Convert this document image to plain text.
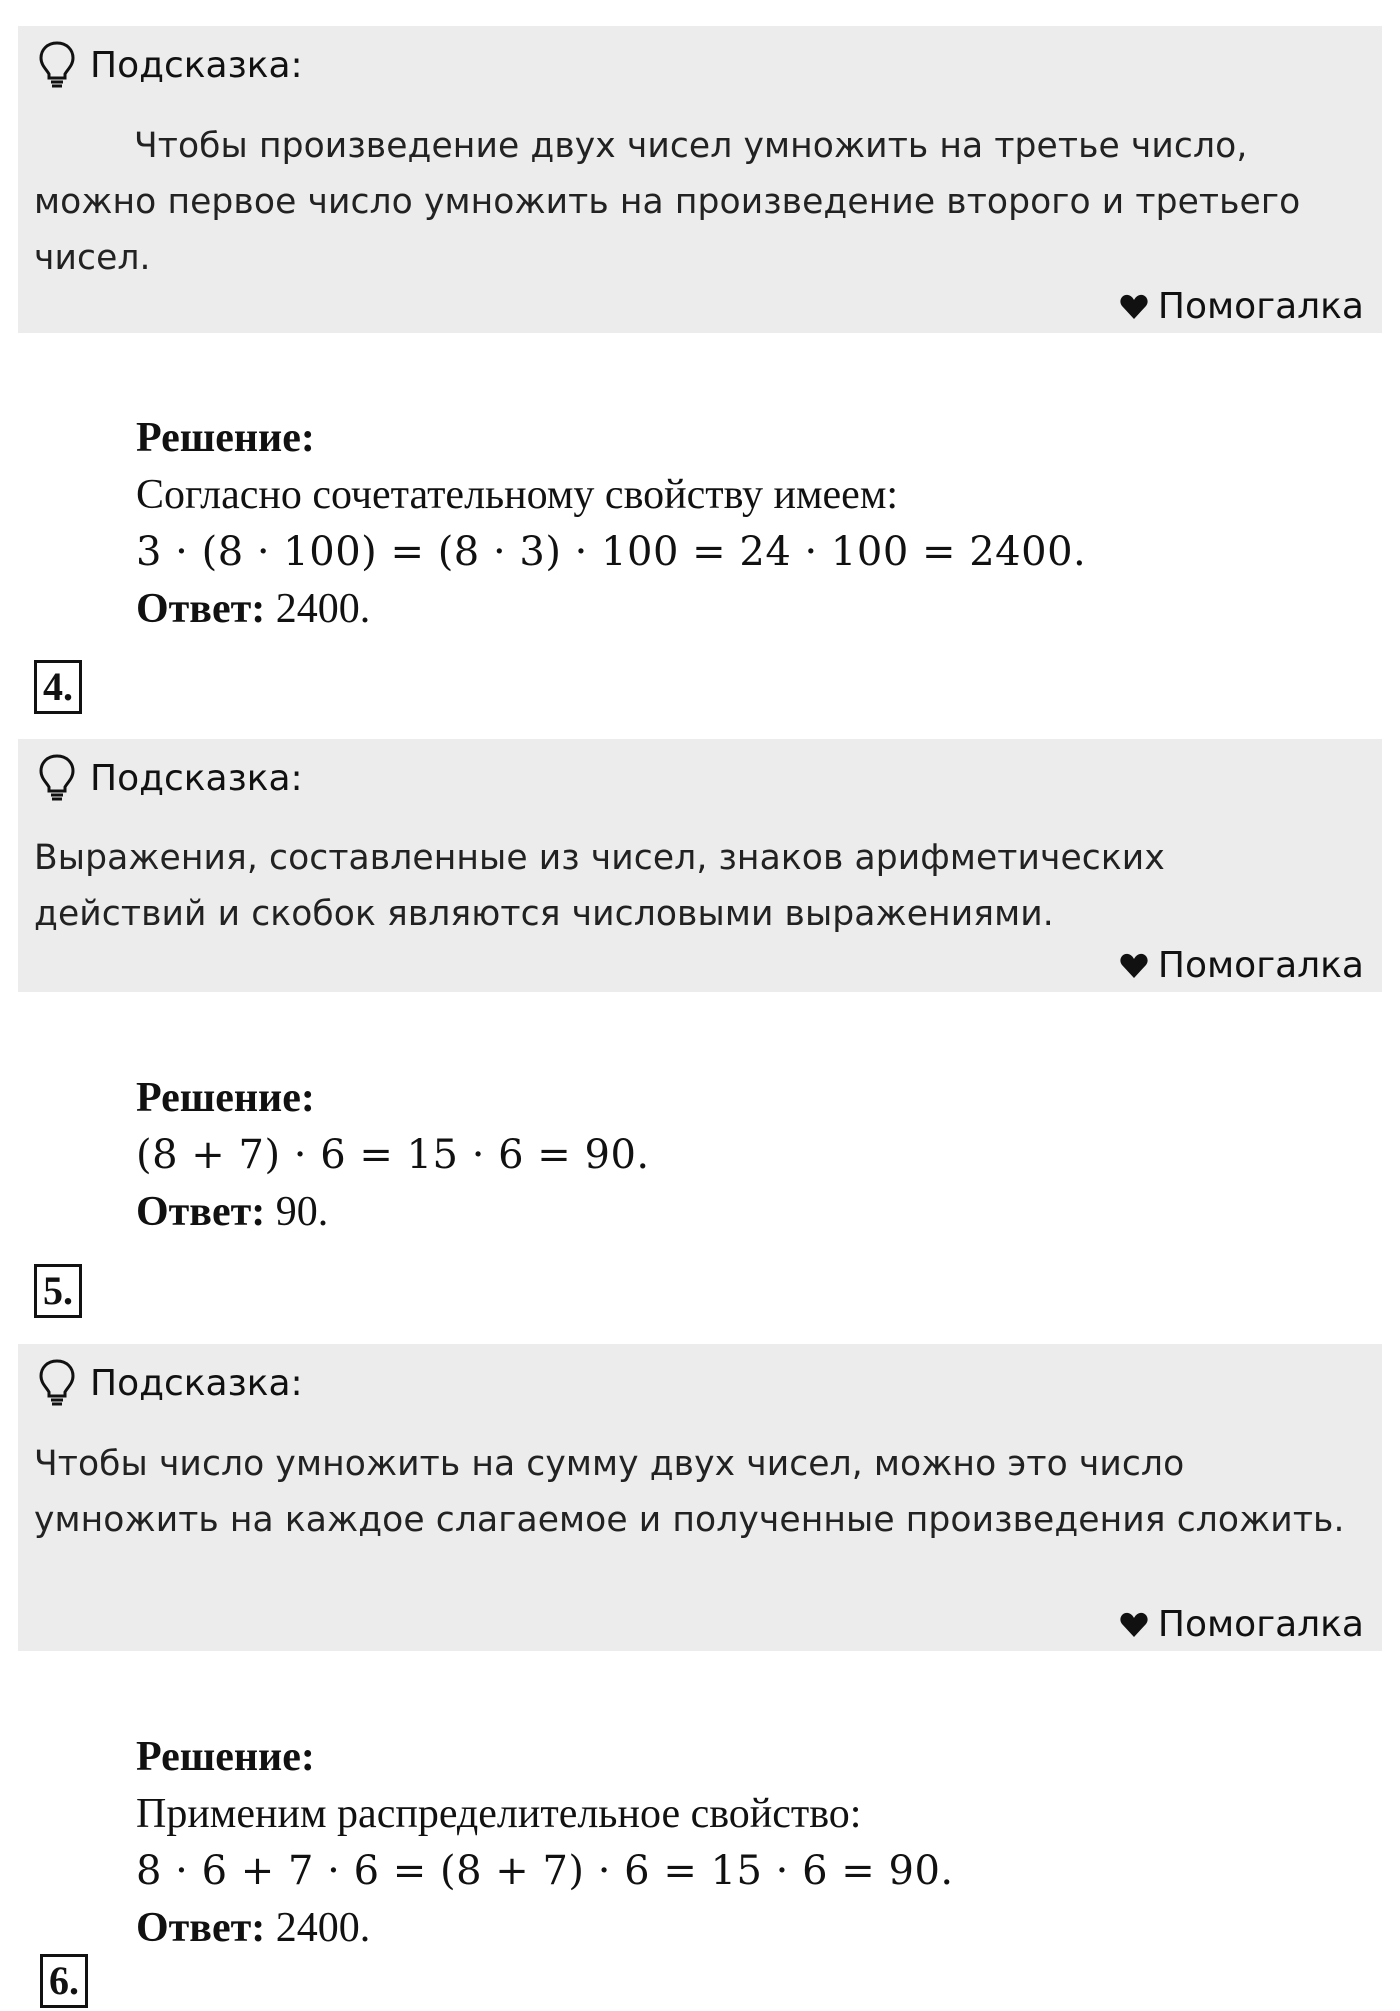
Подсказка:

Чтобы произведение двух чисел умножить на третье число, можно первое число умножить на произведение второго и третьего чисел.

Помогалка
Решение:
Согласно сочетательному свойству имеем:
3 · (8 · 100) = (8 · 3) · 100 = 24 · 100 = 2400.
Ответ: 2400.
4.
Подсказка:

Выражения, составленные из чисел, знаков арифметических действий и скобок являются числовыми выражениями.

Помогалка
Решение:
(8 + 7) · 6 = 15 · 6 = 90.
Ответ: 90.
5.
Подсказка:

Чтобы число умножить на сумму двух чисел, можно это число умножить на каждое слагаемое и полученные произведения сложить.

Помогалка
Решение:
Применим распределительное свойство:
8 · 6 + 7 · 6 = (8 + 7) · 6 = 15 · 6 = 90.
Ответ: 2400.
6.
